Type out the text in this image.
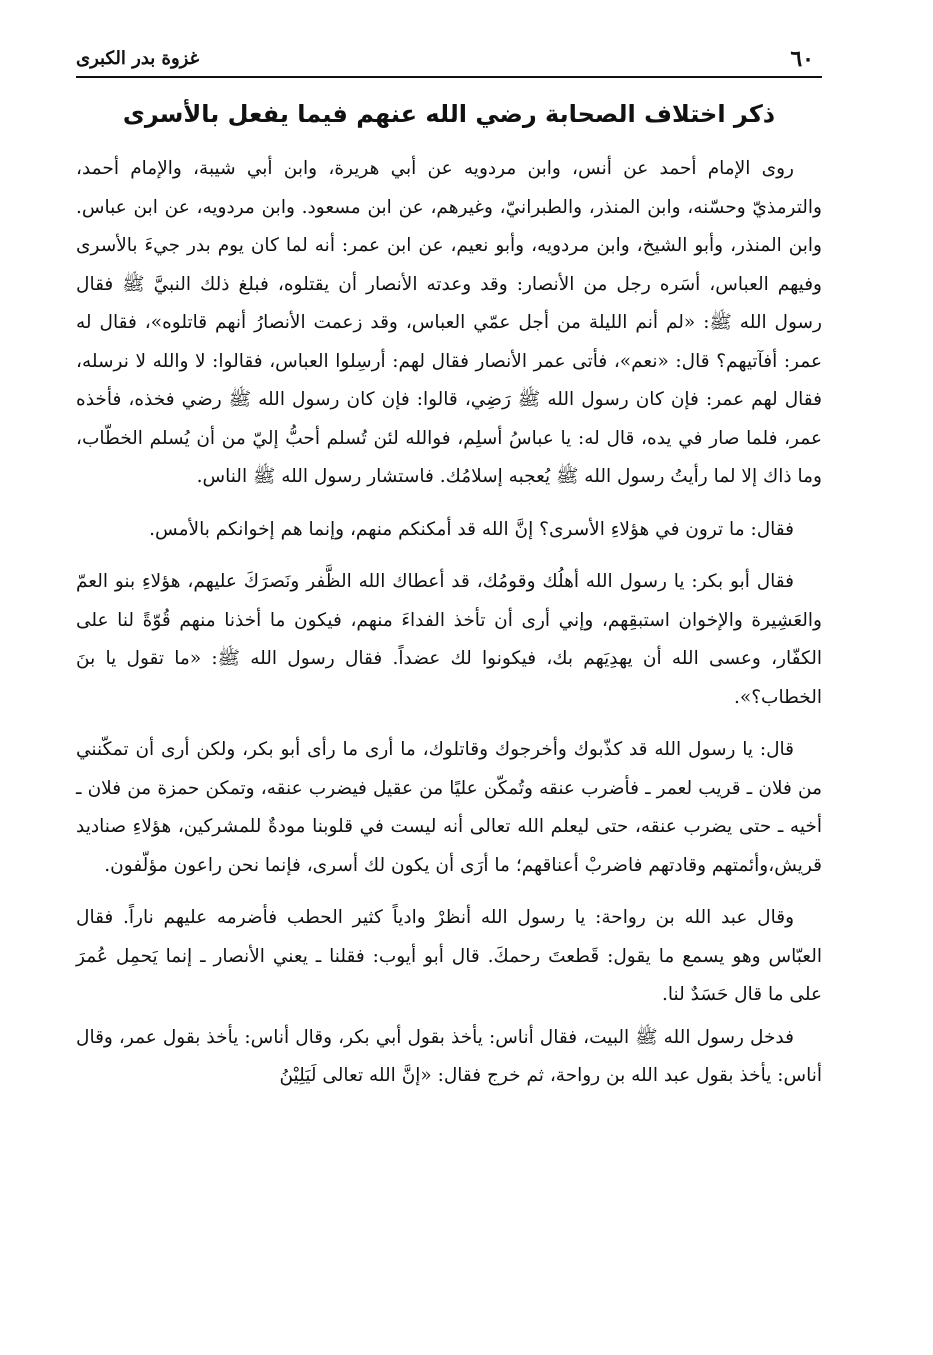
٦٠
غزوة بدر الكبرى
ذكر اختلاف الصحابة رضي الله عنهم فيما يفعل بالأسرى

روى الإمام أحمد عن أنس، وابن مردويه عن أبي هريرة، وابن أبي شيبة، والإمام أحمد، والترمذيّ وحسّنه، وابن المنذر، والطبرانيّ، وغيرهم، عن ابن مسعود. وابن مردويه، عن ابن عباس. وابن المنذر، وأبو الشيخ، وابن مردويه، وأبو نعيم، عن ابن عمر: أنه لما كان يوم بدر جيءَ بالأسرى وفيهم العباس، أسَره رجل من الأنصار: وقد وعدته الأنصار أن يقتلوه، فبلغ ذلك النبيَّ ﷺ فقال رسول الله ﷺ: «لم أنم الليلة من أجل عمّي العباس، وقد زعمت الأنصارُ أنهم قاتلوه»، فقال له عمر: أفآتيهم؟ قال: «نعم»، فأتى عمر الأنصار فقال لهم: أرسِلوا العباس، فقالوا: لا والله لا نرسله، فقال لهم عمر: فإن كان رسول الله ﷺ رَضِي، قالوا: فإن كان رسول الله ﷺ رضي فخذه، فأخذه عمر، فلما صار في يده، قال له: يا عباسُ أسلِم، فوالله لئن تُسلم أحبُّ إليّ من أن يُسلم الخطّاب، وما ذاك إلا لما رأيتُ رسول الله ﷺ يُعجبه إسلامُك. فاستشار رسول الله ﷺ الناس.

فقال: ما ترون في هؤلاءِ الأسرى؟ إنَّ الله قد أمكنكم منهم، وإنما هم إخوانكم بالأمس.

فقال أبو بكر: يا رسول الله أهلُك وقومُك، قد أعطاك الله الظَّفر ونَصرَكَ عليهم، هؤلاءِ بنو العمّ والعَشِيرة والإخوان استبقِهم، وإني أرى أن تأخذ الفداءَ منهم، فيكون ما أخذنا منهم قُوّةً لنا على الكفّار، وعسى الله أن يهدِيَهم بك، فيكونوا لك عضداً. فقال رسول الله ﷺ: «ما تقول يا بنَ الخطاب؟».

قال: يا رسول الله قد كذّبوك وأخرجوك وقاتلوك، ما أرى ما رأى أبو بكر، ولكن أرى أن تمكّنني من فلان ـ قريب لعمر ـ فأضرب عنقه وتُمكّن عليًا من عقيل فيضرب عنقه، وتمكن حمزة من فلان ـ أخيه ـ حتى يضرب عنقه، حتى ليعلم الله تعالى أنه ليست في قلوبنا مودةٌ للمشركين، هؤلاءِ صناديد قريش،وأئمتهم وقادتهم فاضربْ أعناقهم؛ ما أرَى أن يكون لك أسرى، فإنما نحن راعون مؤلّفون.

وقال عبد الله بن رواحة: يا رسول الله أنظرْ وادياً كثير الحطب فأضرمه عليهم ناراً. فقال العبّاس وهو يسمع ما يقول: قَطعتَ رحمكَ. قال أبو أيوب: فقلنا ـ يعني الأنصار ـ إنما يَحمِل عُمرَ على ما قال حَسَدٌ لنا.

فدخل رسول الله ﷺ البيت، فقال أناس: يأخذ بقول أبي بكر، وقال أناس: يأخذ بقول عمر، وقال أناس: يأخذ بقول عبد الله بن رواحة، ثم خرج فقال: «إنَّ الله تعالى لَيَلِيْنُ
